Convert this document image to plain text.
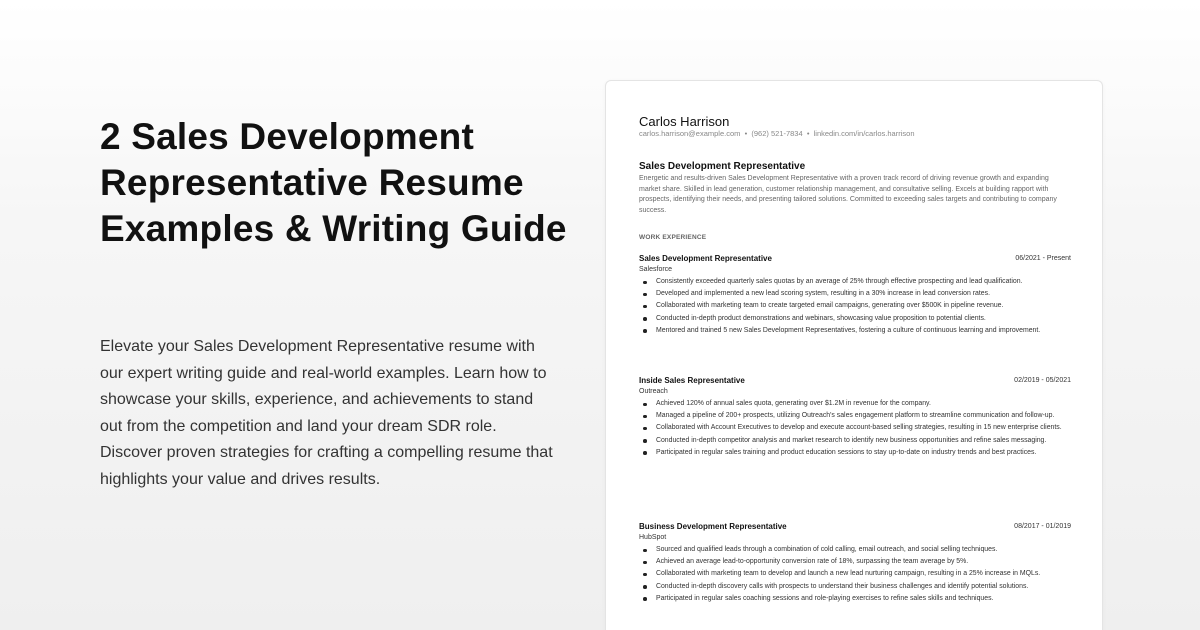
2 Sales Development Representative Resume Examples & Writing Guide

Elevate your Sales Development Representative resume with our expert writing guide and real-world examples. Learn how to showcase your skills, experience, and achievements to stand out from the competition and land your dream SDR role. Discover proven strategies for crafting a compelling resume that highlights your value and drives results.

Carlos Harrison
carlos.harrison@example.com  •  (962) 521-7834  •  linkedin.com/in/carlos.harrison
Sales Development Representative
Energetic and results-driven Sales Development Representative with a proven track record of driving revenue growth and expanding market share. Skilled in lead generation, customer relationship management, and consultative selling. Excels at building rapport with prospects, identifying their needs, and presenting tailored solutions. Committed to exceeding sales targets and contributing to company success.
WORK EXPERIENCE
Sales Development Representative	06/2021 - Present
Salesforce
Consistently exceeded quarterly sales quotas by an average of 25% through effective prospecting and lead qualification.
Developed and implemented a new lead scoring system, resulting in a 30% increase in lead conversion rates.
Collaborated with marketing team to create targeted email campaigns, generating over $500K in pipeline revenue.
Conducted in-depth product demonstrations and webinars, showcasing value proposition to potential clients.
Mentored and trained 5 new Sales Development Representatives, fostering a culture of continuous learning and improvement.
Inside Sales Representative	02/2019 - 05/2021
Outreach
Achieved 120% of annual sales quota, generating over $1.2M in revenue for the company.
Managed a pipeline of 200+ prospects, utilizing Outreach's sales engagement platform to streamline communication and follow-up.
Collaborated with Account Executives to develop and execute account-based selling strategies, resulting in 15 new enterprise clients.
Conducted in-depth competitor analysis and market research to identify new business opportunities and refine sales messaging.
Participated in regular sales training and product education sessions to stay up-to-date on industry trends and best practices.
Business Development Representative	08/2017 - 01/2019
HubSpot
Sourced and qualified leads through a combination of cold calling, email outreach, and social selling techniques.
Achieved an average lead-to-opportunity conversion rate of 18%, surpassing the team average by 5%.
Collaborated with marketing team to develop and launch a new lead nurturing campaign, resulting in a 25% increase in MQLs.
Conducted in-depth discovery calls with prospects to understand their business challenges and identify potential solutions.
Participated in regular sales coaching sessions and role-playing exercises to refine sales skills and techniques.
